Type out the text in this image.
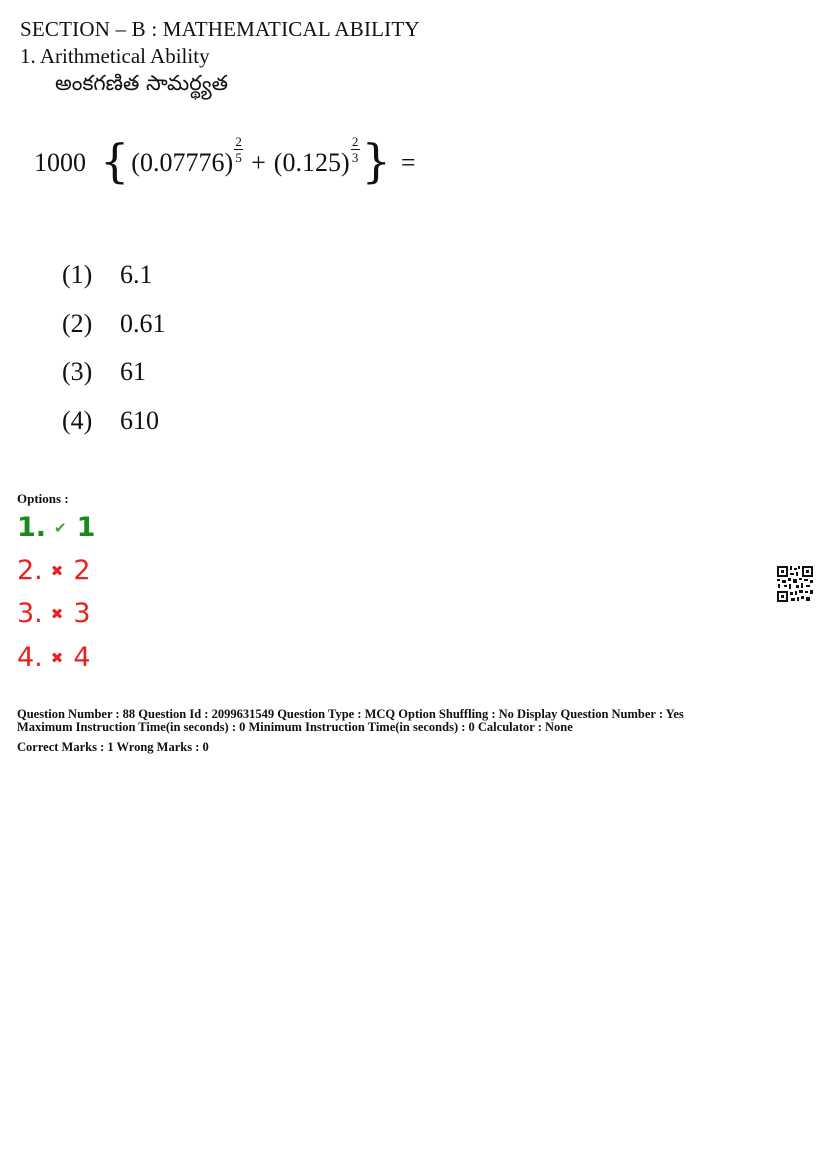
SECTION – B : MATHEMATICAL ABILITY
1. Arithmetical Ability
అంకగణిత సామర్థ్యత
1000 { $(0.07776) \frac{2}{5} + (0.125) \frac{2}{3}$ } =
(1)	6.1
(2)	0.61
(3)	61
(4)	610
Options :
1. ✔ 1
2. ✖ 2
3. ✖ 3
4. ✖ 4
Question Number : 88 Question Id : 2099631549 Question Type : MCQ Option Shuffling : No Display Question Number : Yes
Maximum Instruction Time(in seconds) : 0 Minimum Instruction Time(in seconds) : 0 Calculator : None
Correct Marks : 1 Wrong Marks : 0
